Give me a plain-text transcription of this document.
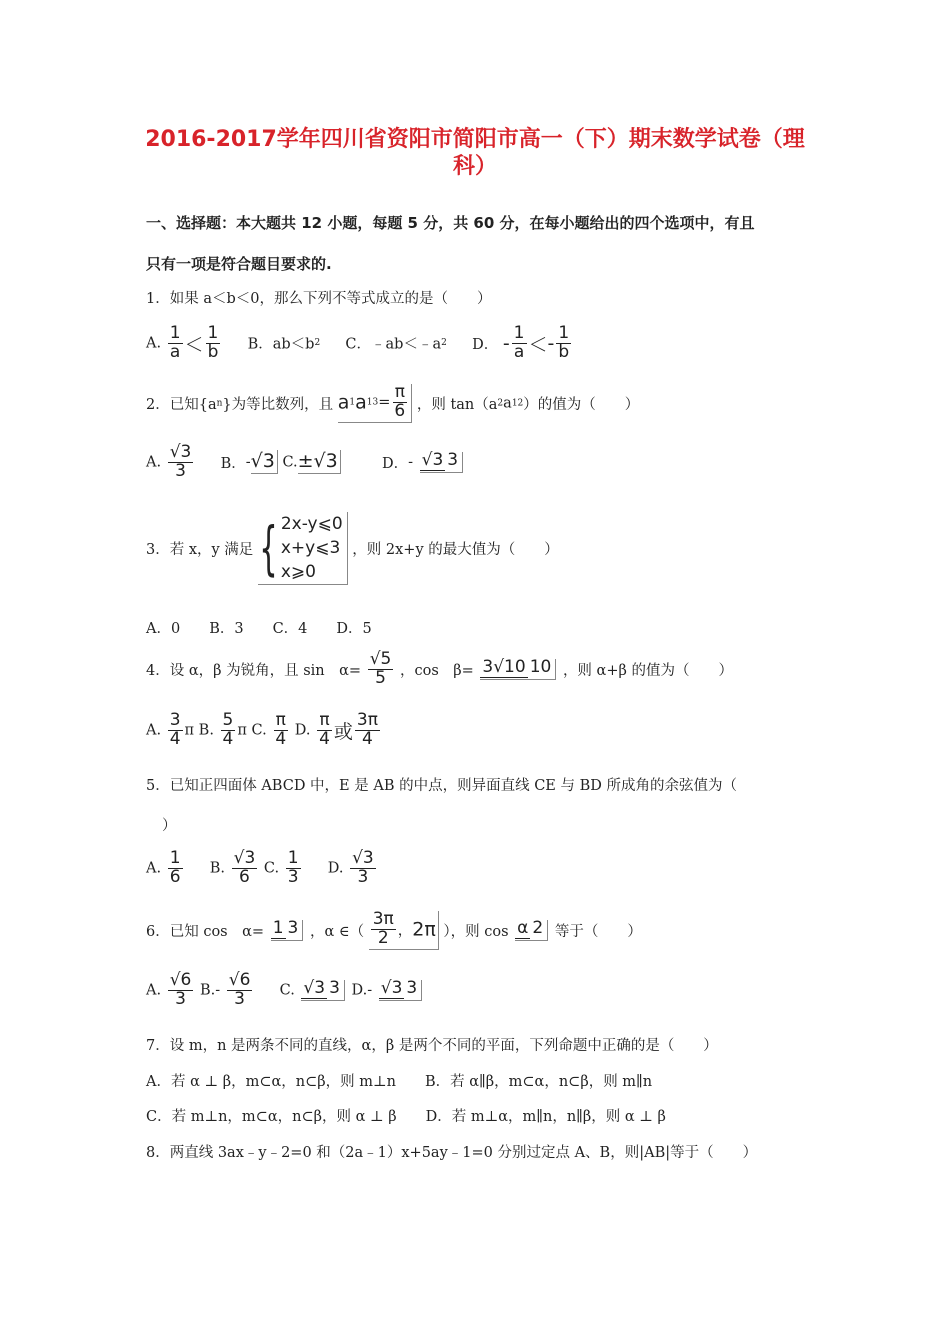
2016-2017学年四川省资阳市简阳市高一（下）期末数学试卷（理
科）
一、选择题：本大题共 12 小题，每题 5 分，共 60 分，在每小题给出的四个选项中，有且
只有一项是符合题目要求的.
1．如果 a＜b＜0，那么下列不等式成立的是（　　）
A. $\frac{1}{a} < \frac{1}{b}$ B．ab＜b2 C．﹣ab＜﹣a2 D． - $\frac{1}{a} <- \frac{1}{b}$
2．已知{an}为等比数列，且 $a1a13= \frac{\pi}{6}$ ，则 tan（a2a12）的值为（　　）
A. $\frac{√3}{3}$ B．-√3 C.±√3	D．- √3 3
3．若 x，y 满足 { 2x-y⩽0
x+y⩽3
x⩾0
，则 2x+y 的最大值为（　　）
A．0　　B．3　　C．4　　D．5
4．设 α，β 为锐角，且 sin　$\alpha= \frac{√5}{5}$ ，cos　β= 3√10 10 ，则 α+β 的值为（　　）
A. $\frac{3}{4}$ π B. $\frac{5}{4}$ π C. $\frac{\pi}{4} D$. $\frac{\pi}{4}$ 或 $\frac{3\pi}{4}$
5．已知正四面体 ABCD 中，E 是 AB 的中点，则异面直线 CE 与 BD 所成角的余弦值为（
）
A. $\frac{1}{6} B$. $\frac{√3}{6} C$. $\frac{1}{3} D$. $\frac{√3}{3}$
6．已知 cos　α= 1 3 ，α ∈（ $\frac{3\pi}{2}$ ，2π ），则 cos α 2 等于（　　）
A. $\frac{√6}{3} B.- \frac{√6}{3} C$. √3 3 D.- √3 3
7．设 m，n 是两条不同的直线，α，β 是两个不同的平面，下列命题中正确的是（　　）
A．若 α ⊥ β，m⊂α，n⊂β，则 m⊥n　　B．若 α∥β，m⊂α，n⊂β，则 m∥n
C．若 m⊥n，m⊂α，n⊂β，则 α ⊥ β　　D．若 m⊥α，m∥n，n∥β，则 α ⊥ β
8．两直线 3ax﹣y﹣2=0 和（2a﹣1）x+5ay﹣1=0 分别过定点 A、B，则|AB|等于（　　）
